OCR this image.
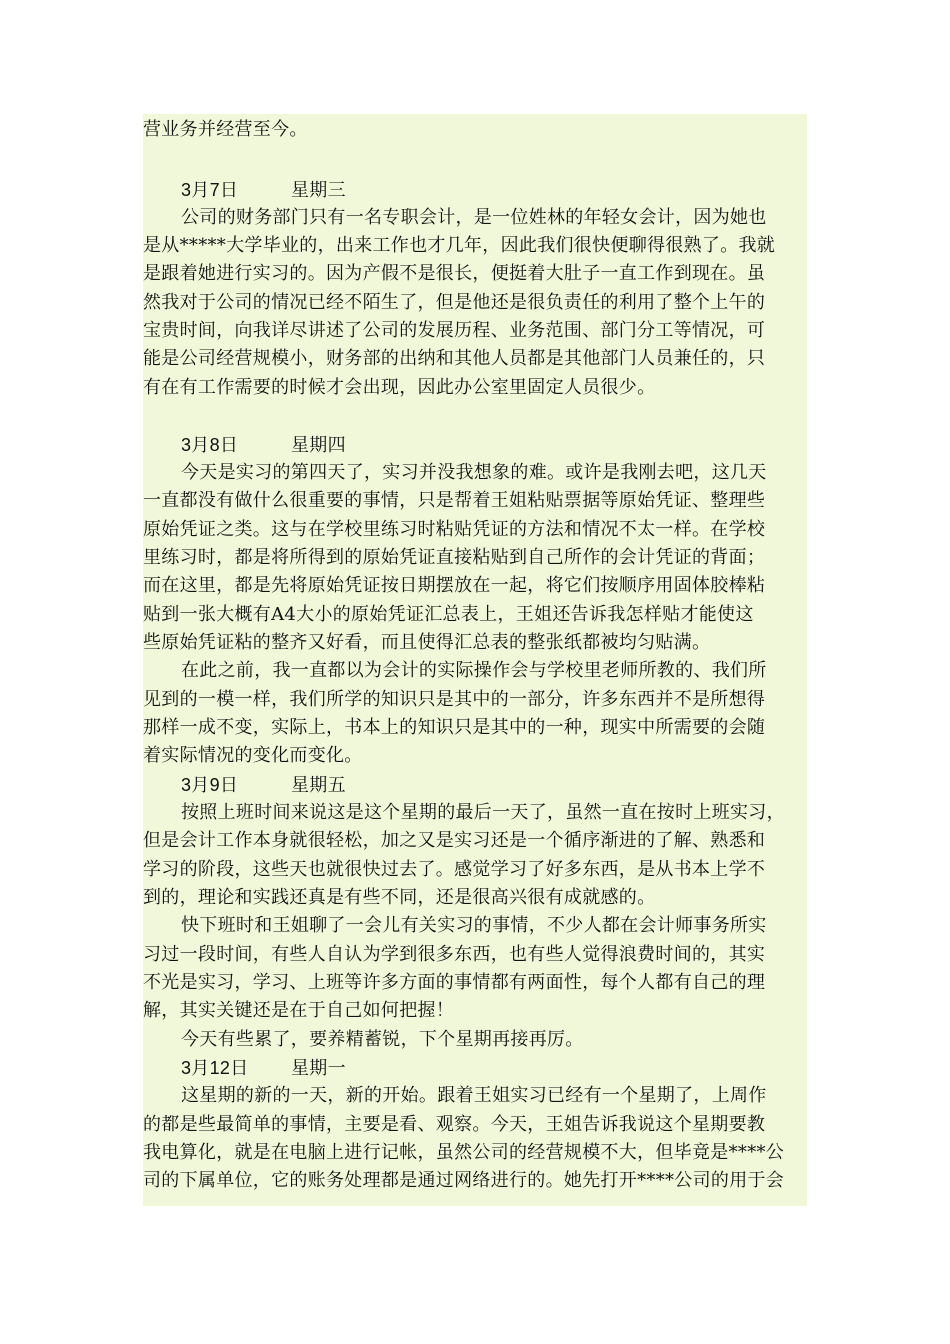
营业务并经营至今。
3月7日	星期三
公司的财务部门只有一名专职会计，是一位姓林的年轻女会计，因为她也
是从*****大学毕业的，出来工作也才几年，因此我们很快便聊得很熟了。我就
是跟着她进行实习的。因为产假不是很长，便挺着大肚子一直工作到现在。虽
然我对于公司的情况已经不陌生了，但是他还是很负责任的利用了整个上午的
宝贵时间，向我详尽讲述了公司的发展历程、业务范围、部门分工等情况，可
能是公司经营规模小，财务部的出纳和其他人员都是其他部门人员兼任的，只
有在有工作需要的时候才会出现，因此办公室里固定人员很少。
3月8日	星期四
今天是实习的第四天了，实习并没我想象的难。或许是我刚去吧，这几天
一直都没有做什么很重要的事情，只是帮着王姐粘贴票据等原始凭证、整理些
原始凭证之类。这与在学校里练习时粘贴凭证的方法和情况不太一样。在学校
里练习时，都是将所得到的原始凭证直接粘贴到自己所作的会计凭证的背面；
而在这里，都是先将原始凭证按日期摆放在一起，将它们按顺序用固体胶棒粘
贴到一张大概有A4大小的原始凭证汇总表上，王姐还告诉我怎样贴才能使这
些原始凭证粘的整齐又好看，而且使得汇总表的整张纸都被均匀贴满。
在此之前，我一直都以为会计的实际操作会与学校里老师所教的、我们所
见到的一模一样，我们所学的知识只是其中的一部分，许多东西并不是所想得
那样一成不变，实际上，书本上的知识只是其中的一种，现实中所需要的会随
着实际情况的变化而变化。
3月9日	星期五
按照上班时间来说这是这个星期的最后一天了，虽然一直在按时上班实习，
但是会计工作本身就很轻松，加之又是实习还是一个循序渐进的了解、熟悉和
学习的阶段，这些天也就很快过去了。感觉学习了好多东西，是从书本上学不
到的，理论和实践还真是有些不同，还是很高兴很有成就感的。
快下班时和王姐聊了一会儿有关实习的事情，不少人都在会计师事务所实
习过一段时间，有些人自认为学到很多东西，也有些人觉得浪费时间的，其实
不光是实习，学习、上班等许多方面的事情都有两面性，每个人都有自己的理
解，其实关键还是在于自己如何把握！
今天有些累了，要养精蓄锐，下个星期再接再厉。
3月12日 星期一
这星期的新的一天，新的开始。跟着王姐实习已经有一个星期了，上周作
的都是些最简单的事情，主要是看、观察。今天，王姐告诉我说这个星期要教
我电算化，就是在电脑上进行记帐，虽然公司的经营规模不大，但毕竟是****公
司的下属单位，它的账务处理都是通过网络进行的。她先打开****公司的用于会
